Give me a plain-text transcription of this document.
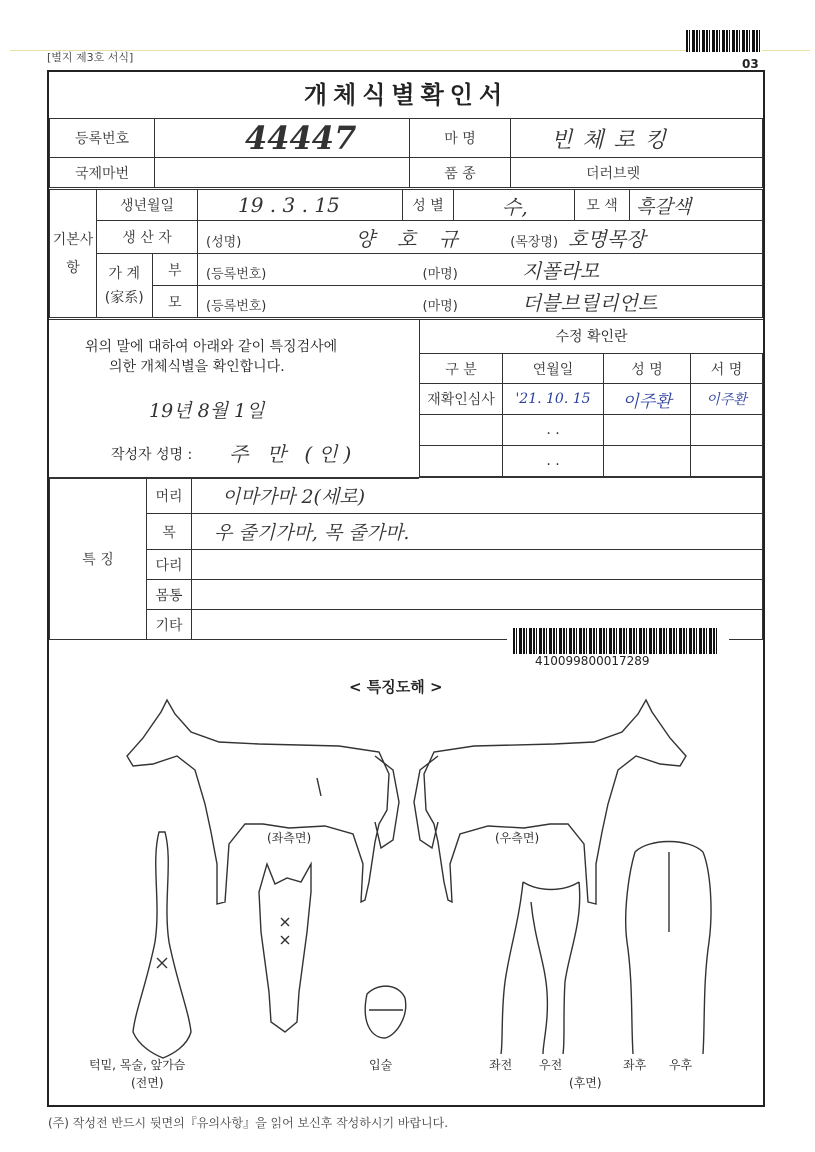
[별지 제3호 서식]	03
개체식별확인서
등록번호	44447	마 명	빈체로킹
국제마번		품 종	더러브렛
기본사항	생년월일		19 . 3 . 15	성 별	수,	모 색	흑갈색
	생 산 자		(성명) 양 호 규 (목장명) 호명목장				

	가 계
(家系)	부	(등록번호) (마명) 지폴라모				
		모	(등록번호) (마명) 더블브릴리언트				
위의 말에 대하여 아래와 같이 특징검사에
의한 개체식별을 확인합니다.
19년 8월 1일
작성자 성명 : 주 만 (인)
수정 확인란
구 분	연월일	성 명	서 명
재확인심사	'21. 10. 15	이주환	이주환
	. .		
	. .		
특 징	머리	이마가마 2(세로)
	목	우 줄기가마, 목 줄가마.
	다리	
	몸통	
	기타	
410099800017289
< 특징도해 >
(좌측면)	(우측면)
턱밑, 목술, 앞가슴
(전면)
입술	좌전 우전	좌후 우후
(후면)
(주) 작성전 반드시 뒷면의『유의사항』을 읽어 보신후 작성하시기 바랍니다.
